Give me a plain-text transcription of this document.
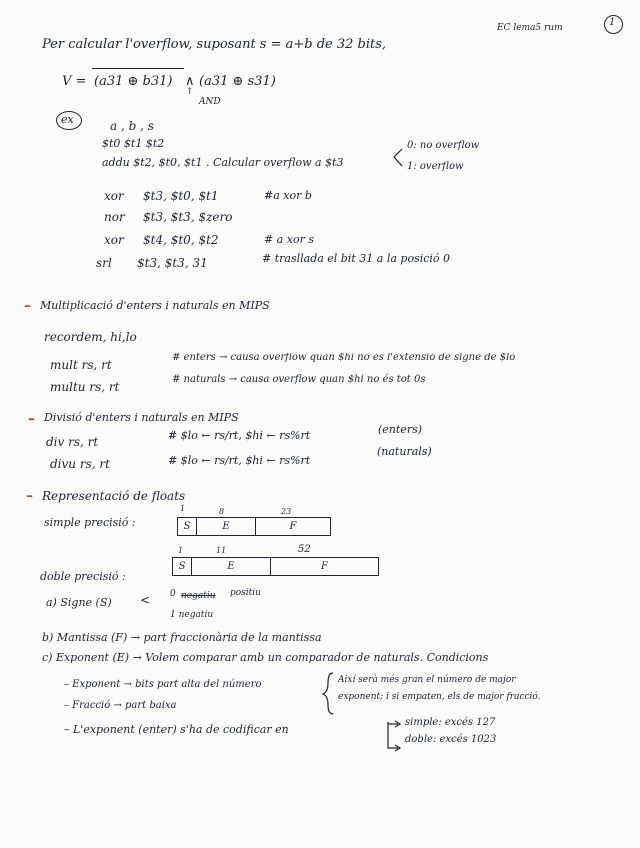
EC lema5 rum	1
Per calcular l'overflow, suposant s = a+b de 32 bits,
V = (a31 ⊕ b31) ∧ (a31 ⊕ s31)
↑
AND
ex	a , b , s
$t0 $t1 $t2
addu $t2, $t0, $t1 . Calcular overflow a $t3
0: no overflow
1: overflow
xor $t3, $t0, $t1	#a xor b
nor $t3, $t3, $zero
xor $t4, $t0, $t2	# a xor s
srl $t3, $t3, 31	# trasllada el bit 31 a la posició 0
– Multiplicació d'enters i naturals en MIPS
recordem, hi,lo
mult rs, rt
# enters → causa overflow quan $hi no és l'extensió de signe de $lo
multu rs, rt
# naturals → causa overflow quan $hi no és tot 0s
– Divisió d'enters i naturals en MIPS
div rs, rt	# $lo ← rs/rt, $hi ← rs%rt	(enters)
divu rs, rt	# $lo ← rs/rt, $hi ← rs%rt
(naturals)
– Representació de floats
1	8	23
simple precisió :	S	E	F
1	11	52
doble precisió :
S	E	F
a) Signe (S) < 0 negatiu positiu
1 negatiu
b) Mantissa (F) → part fraccionària de la mantissa
c) Exponent (E) → Volem comparar amb un comparador de naturals. Condicions
– Exponent → bits part alta del número
– Fracció → part baixa
Així serà més gran el número de major
exponent; i si empaten, els de major fracció.
– L'exponent (enter) s'ha de codificar en
simple: excés 127
doble: excés 1023
